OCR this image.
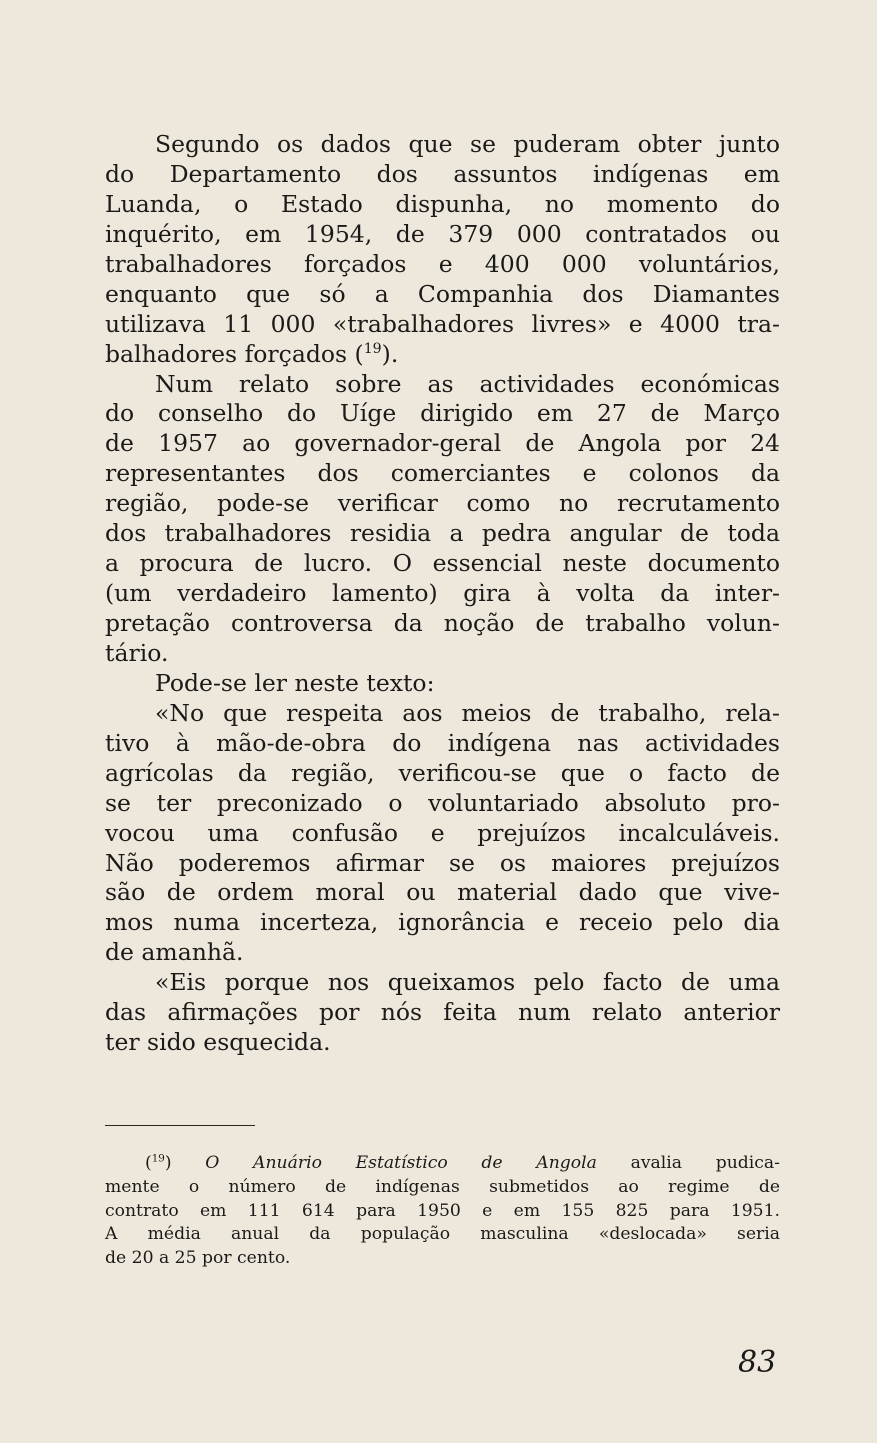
Segundo os dados que se puderam obter junto
do Departamento dos assuntos indígenas em
Luanda, o Estado dispunha, no momento do
inquérito, em 1954, de 379 000 contratados ou
trabalhadores forçados e 400 000 voluntários,
enquanto que só a Companhia dos Diamantes
utilizava 11 000 «trabalhadores livres» e 4000 tra-
balhadores forçados ($^{19}$).
Num relato sobre as actividades económicas
do conselho do Uíge dirigido em 27 de Março
de 1957 ao governador-geral de Angola por 24
representantes dos comerciantes e colonos da
região, pode-se verificar como no recrutamento
dos trabalhadores residia a pedra angular de toda
a procura de lucro. O essencial neste documento
(um verdadeiro lamento) gira à volta da inter-
pretação controversa da noção de trabalho volun-
tário.
Pode-se ler neste texto:
«No que respeita aos meios de trabalho, rela-
tivo à mão-de-obra do indígena nas actividades
agrícolas da região, verificou-se que o facto de
se ter preconizado o voluntariado absoluto pro-
vocou uma confusão e prejuízos incalculáveis.
Não poderemos afirmar se os maiores prejuízos
são de ordem moral ou material dado que vive-
mos numa incerteza, ignorância e receio pelo dia
de amanhã.
«Eis porque nos queixamos pelo facto de uma
das afirmações por nós feita num relato anterior
ter sido esquecida.
($^{19}$) O Anuário Estatístico de Angola avalia pudica-
mente o número de indígenas submetidos ao regime de
contrato em 111 614 para 1950 e em 155 825 para 1951.
A média anual da população masculina «deslocada» seria
de 20 a 25 por cento.
83
